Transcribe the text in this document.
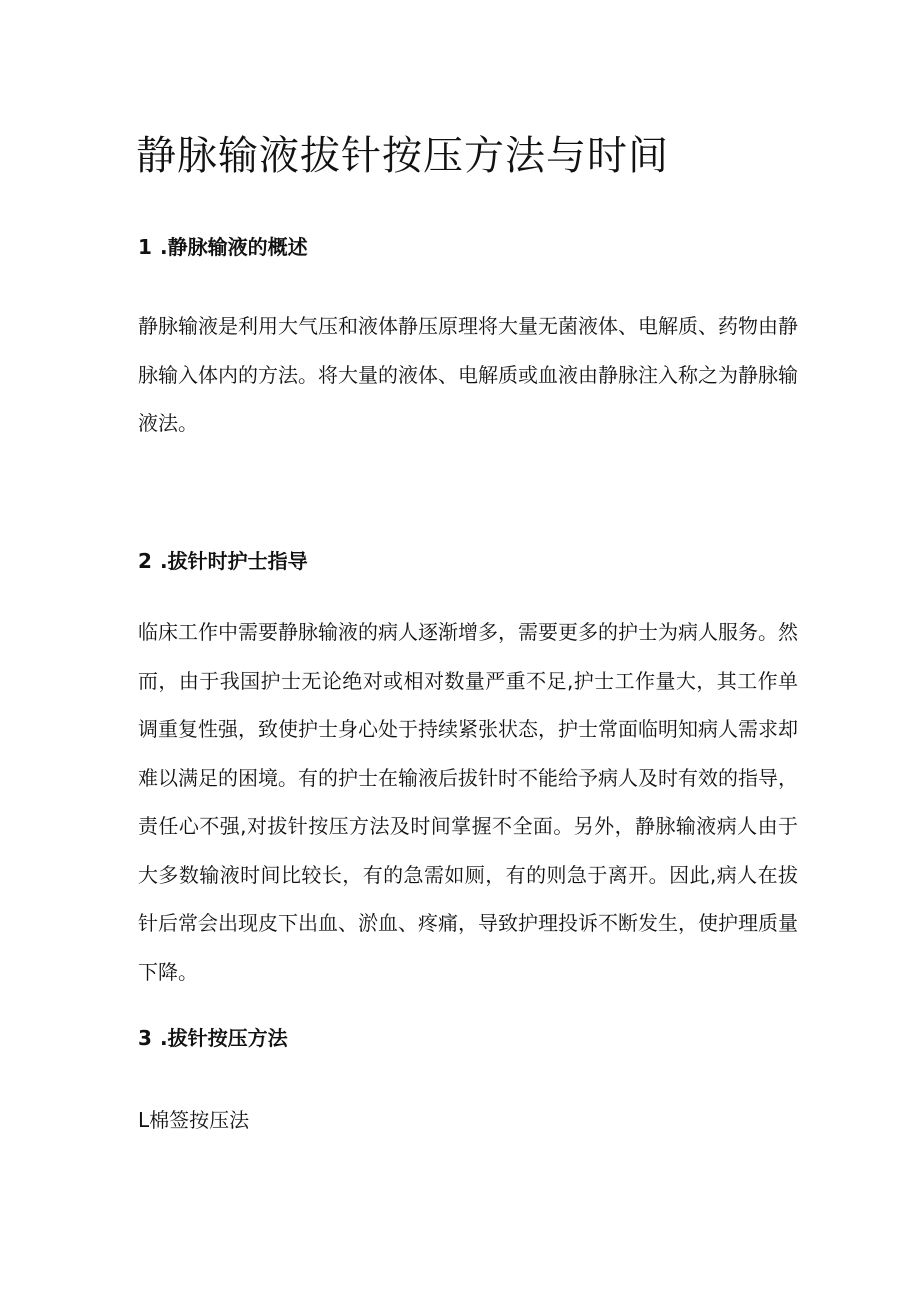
静脉输液拔针按压方法与时间
1 .静脉输液的概述

静脉输液是利用大气压和液体静压原理将大量无菌液体、电解质、药物由静脉输入体内的方法。将大量的液体、电解质或血液由静脉注入称之为静脉输液法。

2 .拔针时护士指导

临床工作中需要静脉输液的病人逐渐增多，需要更多的护士为病人服务。然而，由于我国护士无论绝对或相对数量严重不足,护士工作量大，其工作单调重复性强，致使护士身心处于持续紧张状态，护士常面临明知病人需求却难以满足的困境。有的护士在输液后拔针时不能给予病人及时有效的指导，责任心不强,对拔针按压方法及时间掌握不全面。另外，静脉输液病人由于大多数输液时间比较长，有的急需如厕，有的则急于离开。因此,病人在拔针后常会出现皮下出血、淤血、疼痛，导致护理投诉不断发生，使护理质量下降。

3 .拔针按压方法

L棉签按压法
